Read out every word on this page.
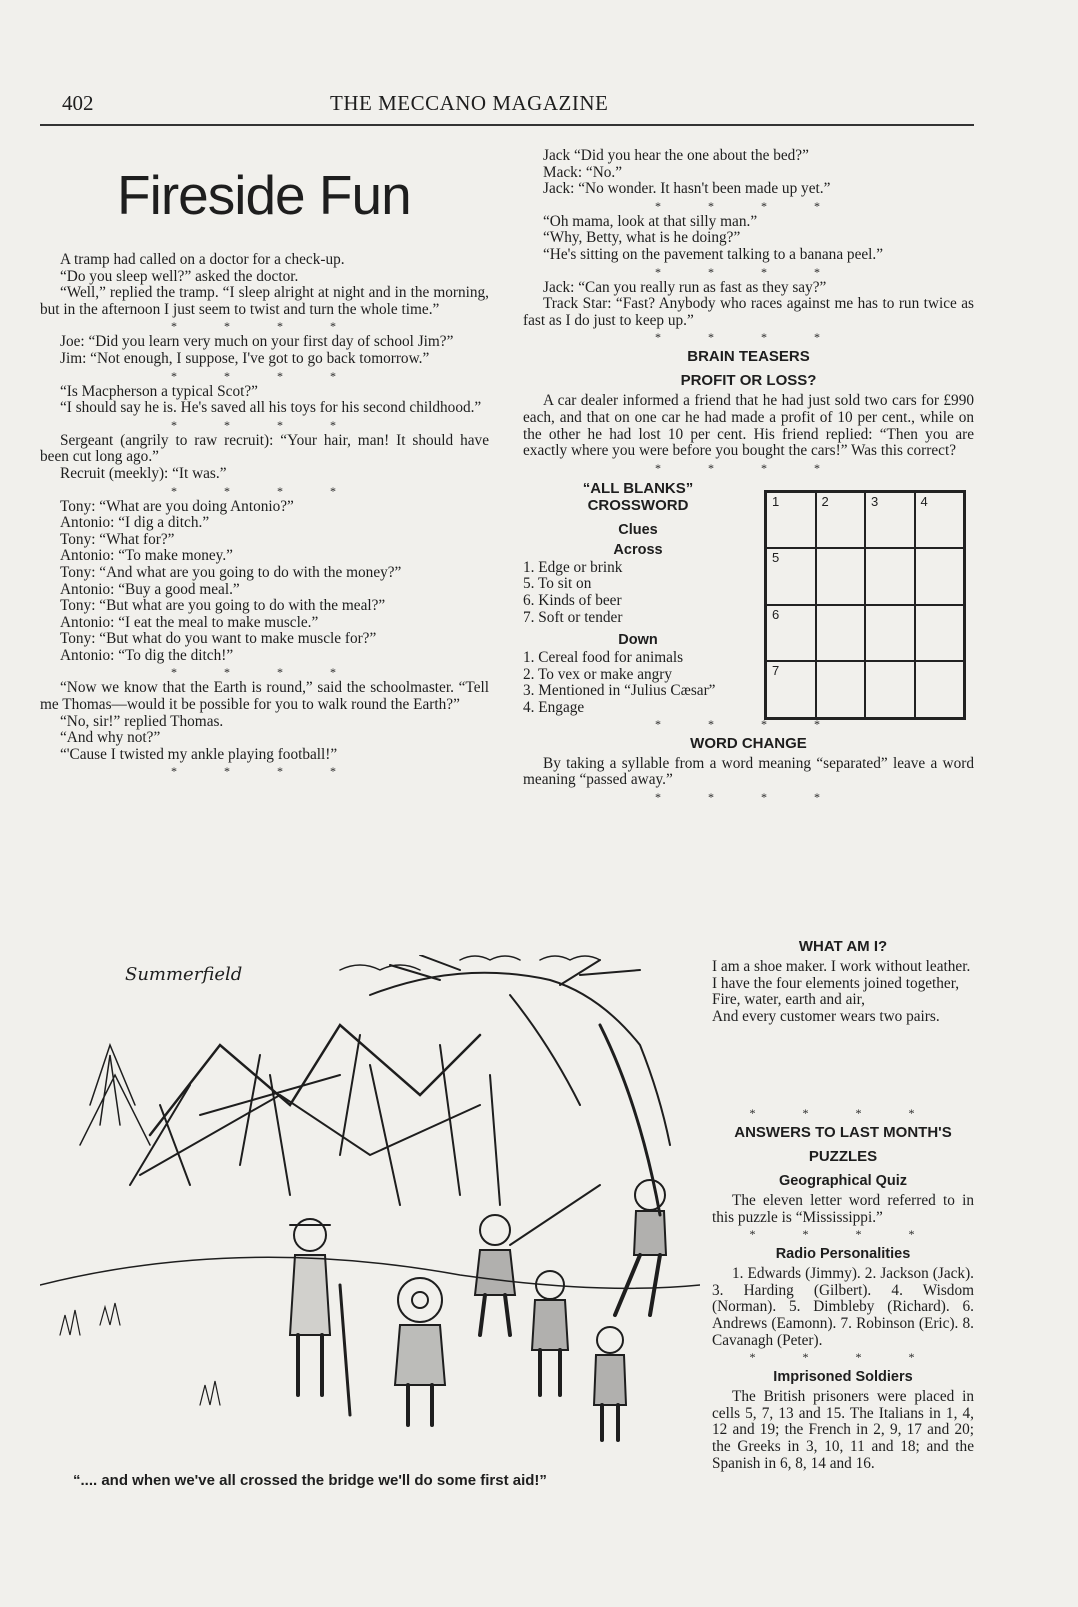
402	THE MECCANO MAGAZINE
Fireside Fun

A tramp had called on a doctor for a check-up.

“Do you sleep well?” asked the doctor.

“Well,” replied the tramp. “I sleep alright at night and in the morning, but in the afternoon I just seem to twist and turn the whole time.”

* * * *

Joe: “Did you learn very much on your first day of school Jim?”

Jim: “Not enough, I suppose, I've got to go back tomorrow.”

* * * *

“Is Macpherson a typical Scot?”

“I should say he is. He's saved all his toys for his second childhood.”

* * * *

Sergeant (angrily to raw recruit): “Your hair, man! It should have been cut long ago.”

Recruit (meekly): “It was.”

* * * *

Tony: “What are you doing Antonio?”

Antonio: “I dig a ditch.”

Tony: “What for?”

Antonio: “To make money.”

Tony: “And what are you going to do with the money?”

Antonio: “Buy a good meal.”

Tony: “But what are you going to do with the meal?”

Antonio: “I eat the meal to make muscle.”

Tony: “But what do you want to make muscle for?”

Antonio: “To dig the ditch!”

* * * *

“Now we know that the Earth is round,” said the schoolmaster. “Tell me Thomas—would it be possible for you to walk round the Earth?”

“No, sir!” replied Thomas.

“And why not?”

“'Cause I twisted my ankle playing football!”

* * * *

Jack “Did you hear the one about the bed?”

Mack: “No.”

Jack: “No wonder. It hasn't been made up yet.”

* * * *

“Oh mama, look at that silly man.”

“Why, Betty, what is he doing?”

“He's sitting on the pavement talking to a banana peel.”

* * * *

Jack: “Can you really run as fast as they say?”

Track Star: “Fast? Anybody who races against me has to run twice as fast as I do just to keep up.”

* * * *
BRAIN TEASERS
PROFIT OR LOSS?

A car dealer informed a friend that he had just sold two cars for £990 each, and that on one car he had made a profit of 10 per cent., while on the other he had lost 10 per cent. His friend replied: “Then you are exactly where you were before you bought the cars!” Was this correct?

* * * *
“ALL BLANKS”
CROSSWORD
Clues
Across
1. Edge or brink
5. To sit on
6. Kinds of beer
7. Soft or tender
Down
1. Cereal food for animals
2. To vex or make angry
3. Mentioned in “Julius Cæsar”
4. Engage
1	2	3	4
5
6
7
* * * *
WORD CHANGE

By taking a syllable from a word meaning “separated” leave a word meaning “passed away.”

* * * *
WHAT AM I?

I am a shoe maker. I work without leather.

I have the four elements joined together,

Fire, water, earth and air,

And every customer wears two pairs.

* * * *
ANSWERS TO LAST MONTH'S PUZZLES
Geographical Quiz

The eleven letter word referred to in this puzzle is “Mississippi.”

* * * *
Radio Personalities

1. Edwards (Jimmy). 2. Jackson (Jack). 3. Harding (Gilbert). 4. Wisdom (Norman). 5. Dimbleby (Richard). 6. Andrews (Eamonn). 7. Robinson (Eric). 8. Cavanagh (Peter).

* * * *
Imprisoned Soldiers

The British prisoners were placed in cells 5, 7, 13 and 15. The Italians in 1, 4, 12 and 19; the French in 2, 9, 17 and 20; the Greeks in 3, 10, 11 and 18; and the Spanish in 6, 8, 14 and 16.

Summerfield
“.... and when we've all crossed the bridge we'll do some first aid!”
